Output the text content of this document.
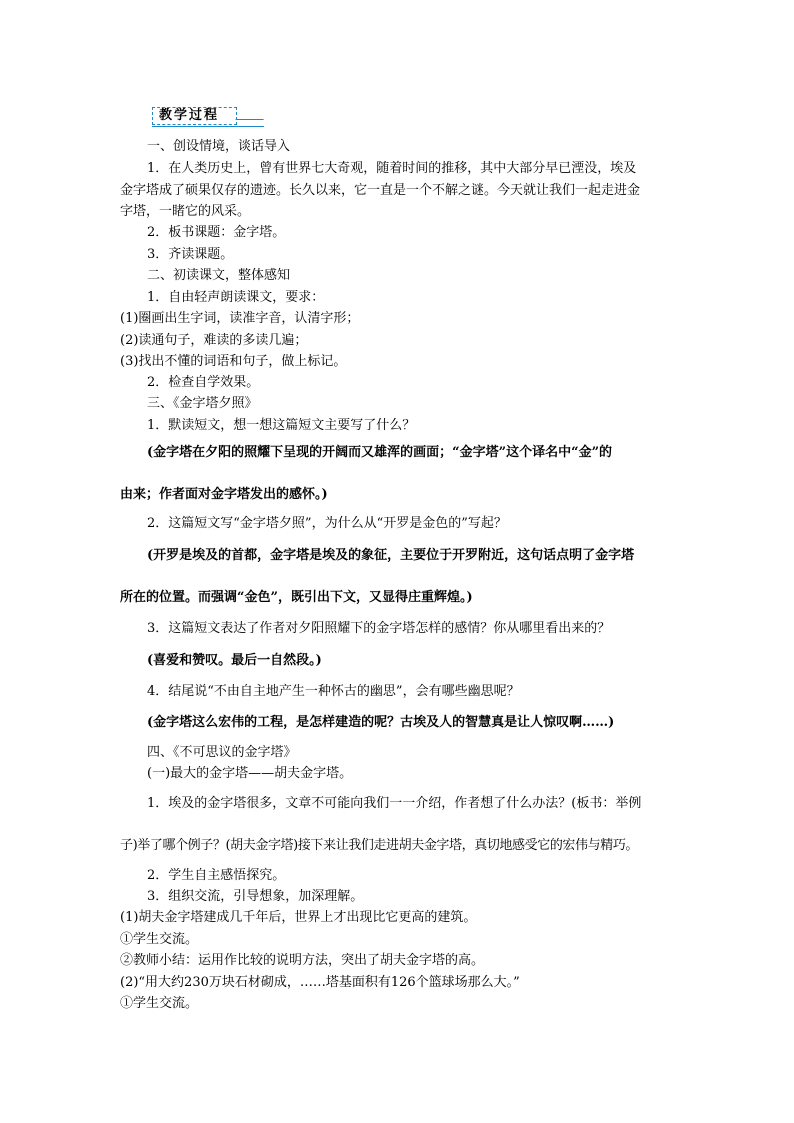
教学过程
一、创设情境，谈话导入
1．在人类历史上，曾有世界七大奇观，随着时间的推移，其中大部分早已湮没，埃及
金字塔成了硕果仅存的遗迹。长久以来，它一直是一个不解之谜。今天就让我们一起走进金
字塔，一睹它的风采。
2．板书课题：金字塔。
3．齐读课题。
二、初读课文，整体感知
1．自由轻声朗读课文，要求：
(1)圈画出生字词，读准字音，认清字形；
(2)读通句子，难读的多读几遍；
(3)找出不懂的词语和句子，做上标记。
2．检查自学效果。
三、《金字塔夕照》
1．默读短文，想一想这篇短文主要写了什么？
(金字塔在夕阳的照耀下呈现的开阔而又雄浑的画面；“金字塔”这个译名中“金”的
由来；作者面对金字塔发出的感怀。)
2．这篇短文写“金字塔夕照”，为什么从“开罗是金色的”写起？
(开罗是埃及的首都，金字塔是埃及的象征，主要位于开罗附近，这句话点明了金字塔
所在的位置。而强调“金色”，既引出下文，又显得庄重辉煌。)
3．这篇短文表达了作者对夕阳照耀下的金字塔怎样的感情？你从哪里看出来的？
(喜爱和赞叹。最后一自然段。)
4．结尾说“不由自主地产生一种怀古的幽思”，会有哪些幽思呢？
(金字塔这么宏伟的工程，是怎样建造的呢？古埃及人的智慧真是让人惊叹啊……)
四、《不可思议的金字塔》
(一)最大的金字塔——胡夫金字塔。
1．埃及的金字塔很多，文章不可能向我们一一介绍，作者想了什么办法？(板书：举例
子)举了哪个例子？(胡夫金字塔)接下来让我们走进胡夫金字塔，真切地感受它的宏伟与精巧。
2．学生自主感悟探究。
3．组织交流，引导想象，加深理解。
(1)胡夫金字塔建成几千年后，世界上才出现比它更高的建筑。
①学生交流。
②教师小结：运用作比较的说明方法，突出了胡夫金字塔的高。
(2)“用大约230万块石材砌成，……塔基面积有126个篮球场那么大。”
①学生交流。
